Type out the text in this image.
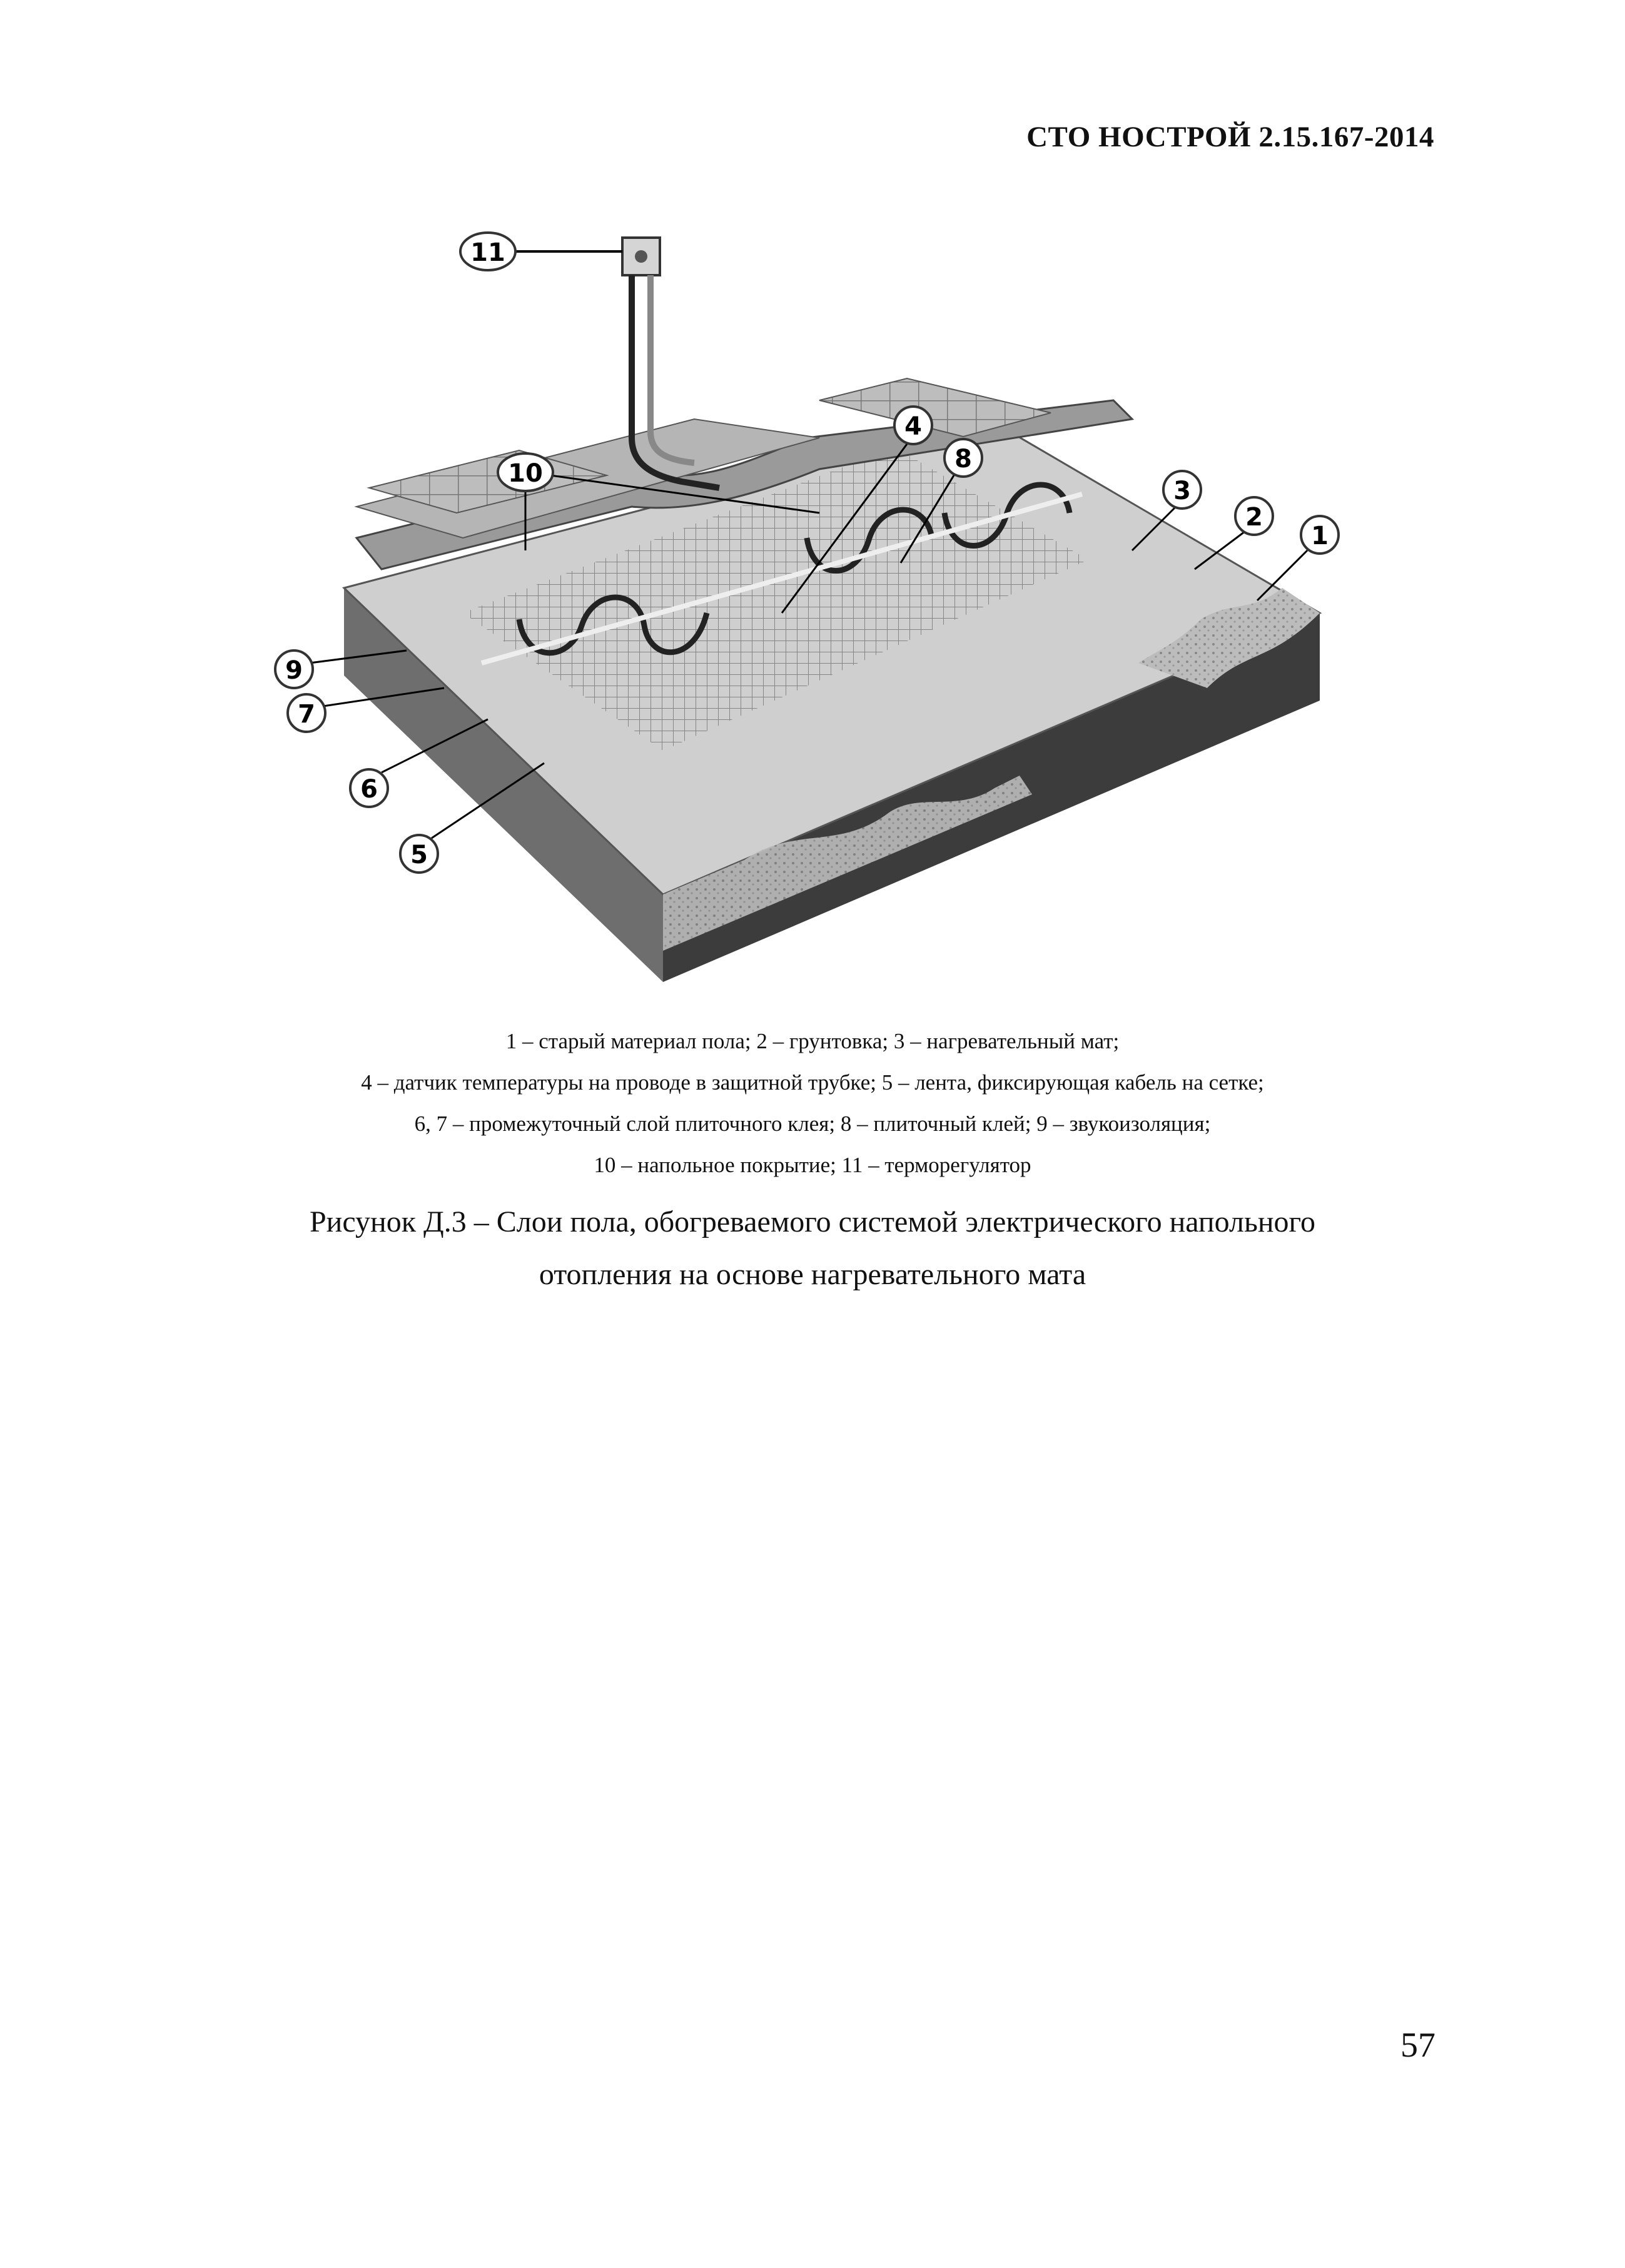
СТО НОСТРОЙ 2.15.167-2014
1
2
3
4
5
6
7
8
9
10
11
1 – старый материал пола; 2 – грунтовка; 3 – нагревательный мат;
4 – датчик температуры на проводе в защитной трубке; 5 – лента, фиксирующая кабель на сетке;
6, 7 – промежуточный слой плиточного клея; 8 – плиточный клей; 9 – звукоизоляция;
10 – напольное покрытие; 11 – терморегулятор
Рисунок Д.3 – Слои пола, обогреваемого системой электрического напольного
отопления на основе нагревательного мата
57
